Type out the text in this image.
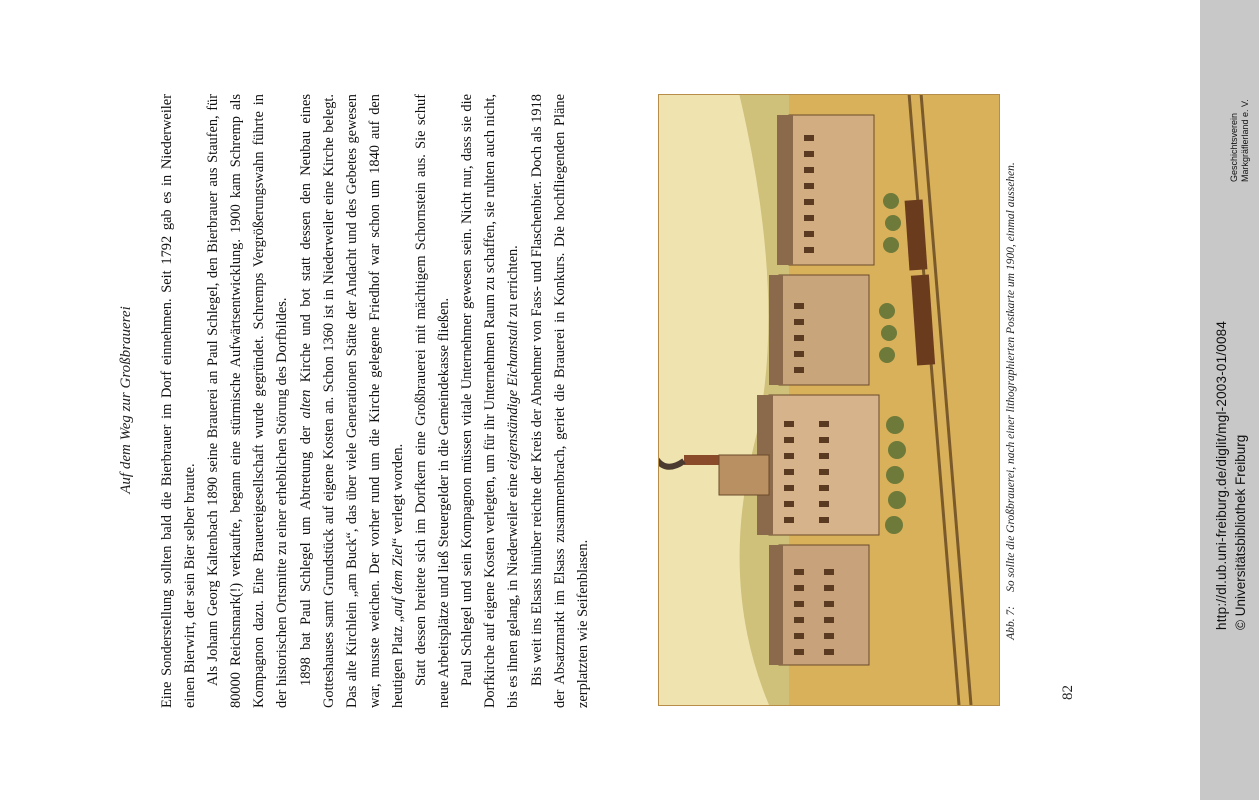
Auf dem Weg zur Großbrauerei Eine Sonderstellung sollten bald die Bierbrauer im Dorf einnehmen. Seit 1792 gab es in Niederweiler einen Bierwirt, der sein Bier selber braute. Als Johann Georg Kaltenbach 1890 seine Brauerei an Paul Schlegel, den Bierbrauer aus Staufen, für 80000 Reichsmark(!) verkaufte, begann eine stürmische Aufwärtsentwicklung. 1900 kam Schremp als Kompagnon dazu. Eine Brauereigesellschaft wurde gegründet. Schremps Vergrößerungswahn führte in der historischen Ortsmitte zu einer erheblichen Störung des Dorfbildes. 1898 bat Paul Schlegel um Abtretung der alten Kirche und bot statt dessen den Neubau eines Gotteshauses samt Grundstück auf eigene Kosten an. Schon 1360 ist in Niederweiler eine Kirche belegt. Das alte Kirchlein „am Buck“, das über viele Generationen Stätte der Andacht und des Gebetes gewesen war, musste weichen. Der vorher rund um die Kirche gelegene Friedhof war schon um 1840 auf den heutigen Platz „auf dem Ziel“ verlegt worden. Statt dessen breitete sich im Dorfkern eine Großbrauerei mit mächtigem Schornstein aus. Sie schuf neue Arbeitsplätze und ließ Steuergelder in die Gemeindekasse fließen. Paul Schlegel und sein Kompagnon müssen vitale Unternehmer gewesen sein. Nicht nur, dass sie die Dorfkirche auf eigene Kosten verlegten, um für ihr Unternehmen Raum zu schaffen, sie ruhten auch nicht, bis es ihnen gelang, in Niederweiler eine eigenständige Eichanstalt zu errichten. Bis weit ins Elsass hinüber reichte der Kreis der Abnehmer von Fass- und Flaschenbier. Doch als 1918 der Absatzmarkt im Elsass zusammenbrach, geriet die Brauerei in Konkurs. Die hochfliegenden Pläne zerplatzten wie Seifenblasen.	Abb. 7:So sollte die Großbrauerei, nach einer lithographierten Postkarte um 1900, einmal aussehen.
82
http://dl.ub.uni-freiburg.de/diglit/mgl-2003-01/0084 © Universitätsbibliothek Freiburg
Geschichtsverein Markgräflerland e. V.
